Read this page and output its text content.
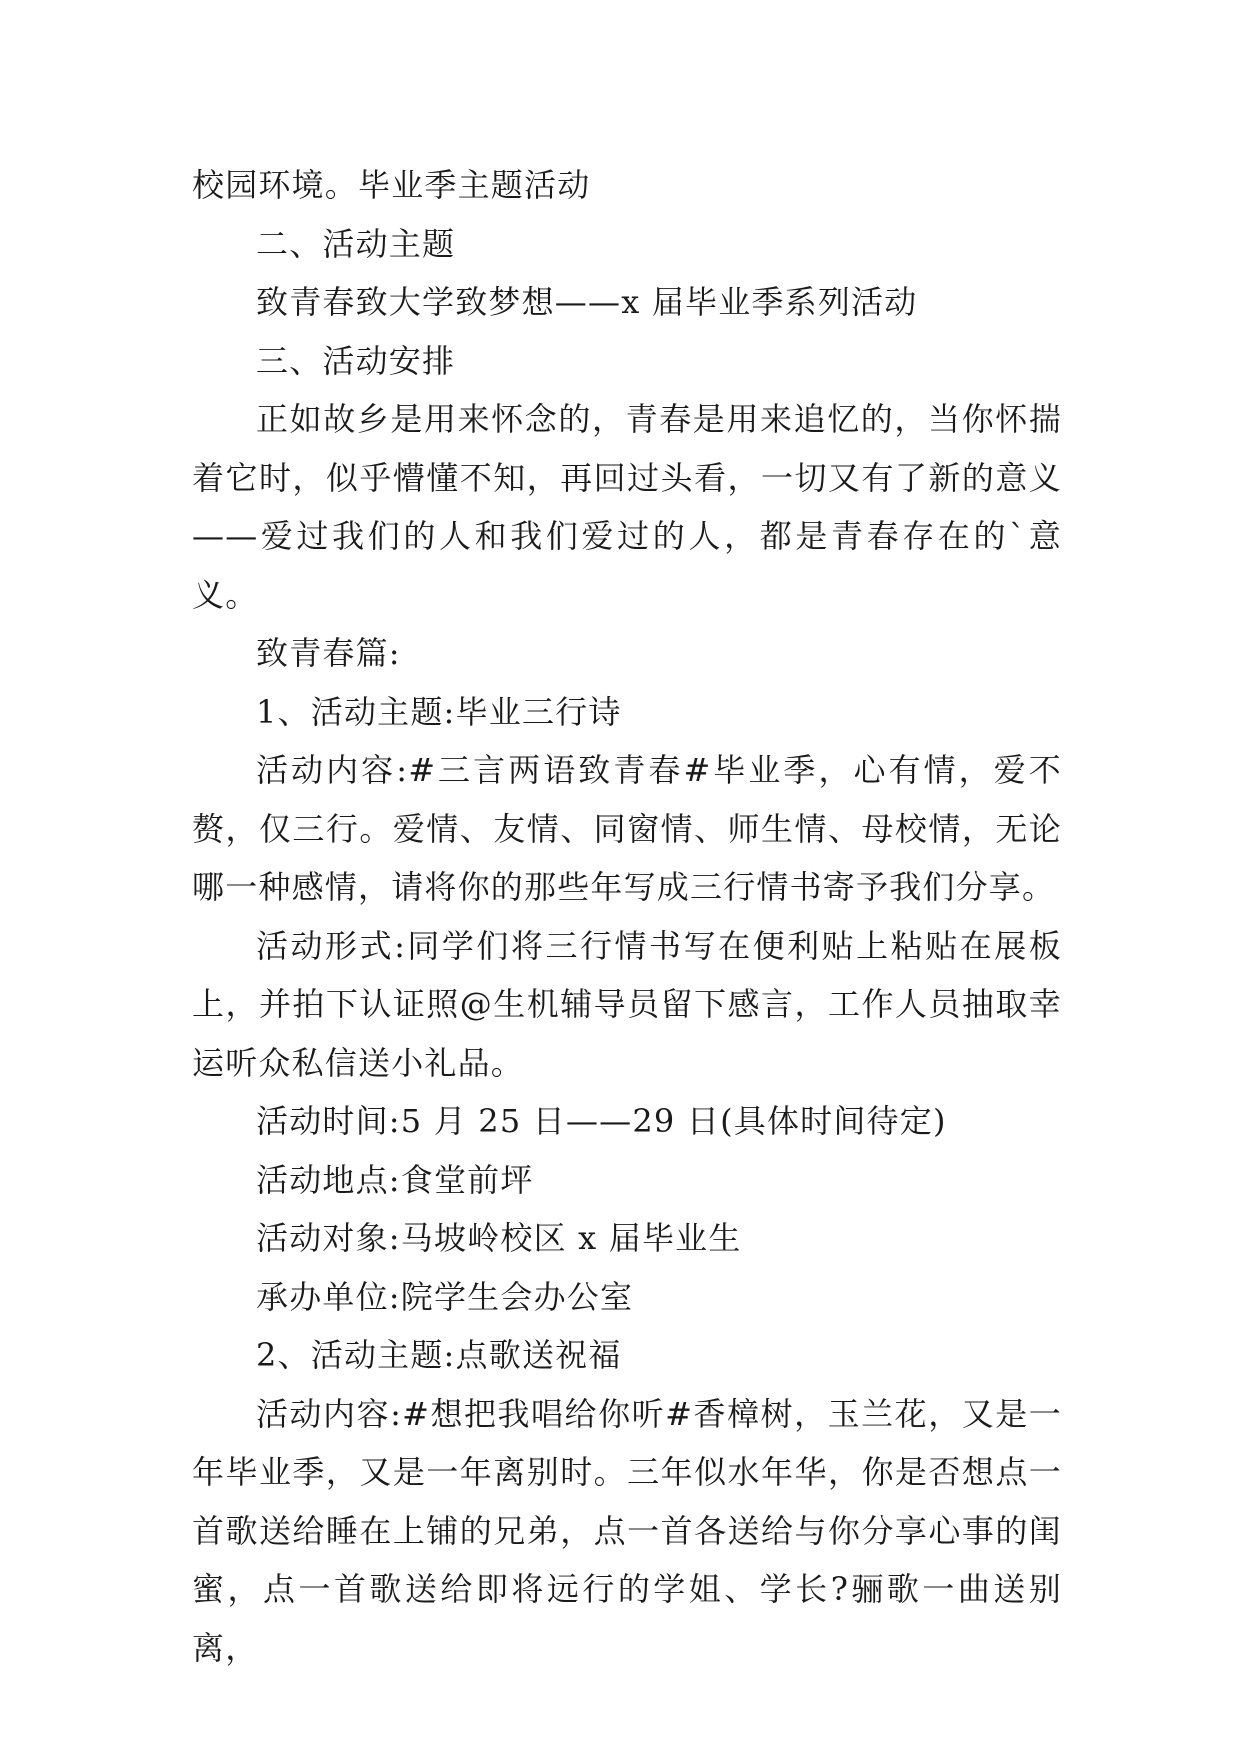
校园环境。毕业季主题活动

二、活动主题

致青春致大学致梦想——x 届毕业季系列活动

三、活动安排

正如故乡是用来怀念的，青春是用来追忆的，当你怀揣着它时，似乎懵懂不知，再回过头看，一切又有了新的意义——爱过我们的人和我们爱过的人，都是青春存在的`意义。

致青春篇:

1、活动主题:毕业三行诗

活动内容:#三言两语致青春#毕业季，心有情，爱不赘，仅三行。爱情、友情、同窗情、师生情、母校情，无论哪一种感情，请将你的那些年写成三行情书寄予我们分享。

活动形式:同学们将三行情书写在便利贴上粘贴在展板上，并拍下认证照@生机辅导员留下感言，工作人员抽取幸运听众私信送小礼品。

活动时间:5 月 25 日——29 日(具体时间待定)

活动地点:食堂前坪

活动对象:马坡岭校区 x 届毕业生

承办单位:院学生会办公室

2、活动主题:点歌送祝福

活动内容:#想把我唱给你听#香樟树，玉兰花，又是一年毕业季，又是一年离别时。三年似水年华，你是否想点一首歌送给睡在上铺的兄弟，点一首各送给与你分享心事的闺蜜，点一首歌送给即将远行的学姐、学长?骊歌一曲送别离，
